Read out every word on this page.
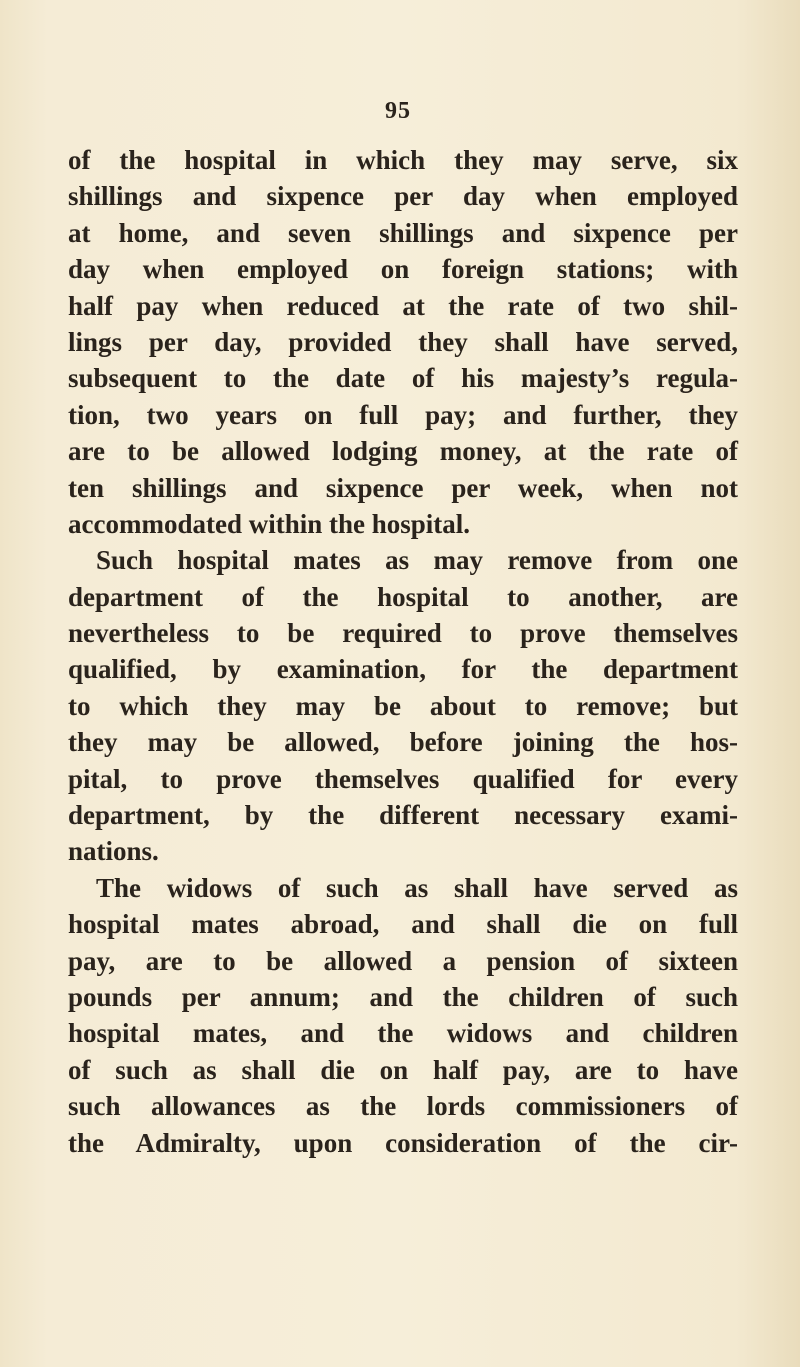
95
of the hospital in which they may serve, six
shillings and sixpence per day when employed
at home, and seven shillings and sixpence per
day when employed on foreign stations; with
half pay when reduced at the rate of two shil-
lings per day, provided they shall have served,
subsequent to the date of his majesty’s regula-
tion, two years on full pay; and further, they
are to be allowed lodging money, at the rate of
ten shillings and sixpence per week, when not
accommodated within the hospital.
Such hospital mates as may remove from one
department of the hospital to another, are
nevertheless to be required to prove themselves
qualified, by examination, for the department
to which they may be about to remove; but
they may be allowed, before joining the hos-
pital, to prove themselves qualified for every
department, by the different necessary exami-
nations.
The widows of such as shall have served as
hospital mates abroad, and shall die on full
pay, are to be allowed a pension of sixteen
pounds per annum; and the children of such
hospital mates, and the widows and children
of such as shall die on half pay, are to have
such allowances as the lords commissioners of
the Admiralty, upon consideration of the cir-
